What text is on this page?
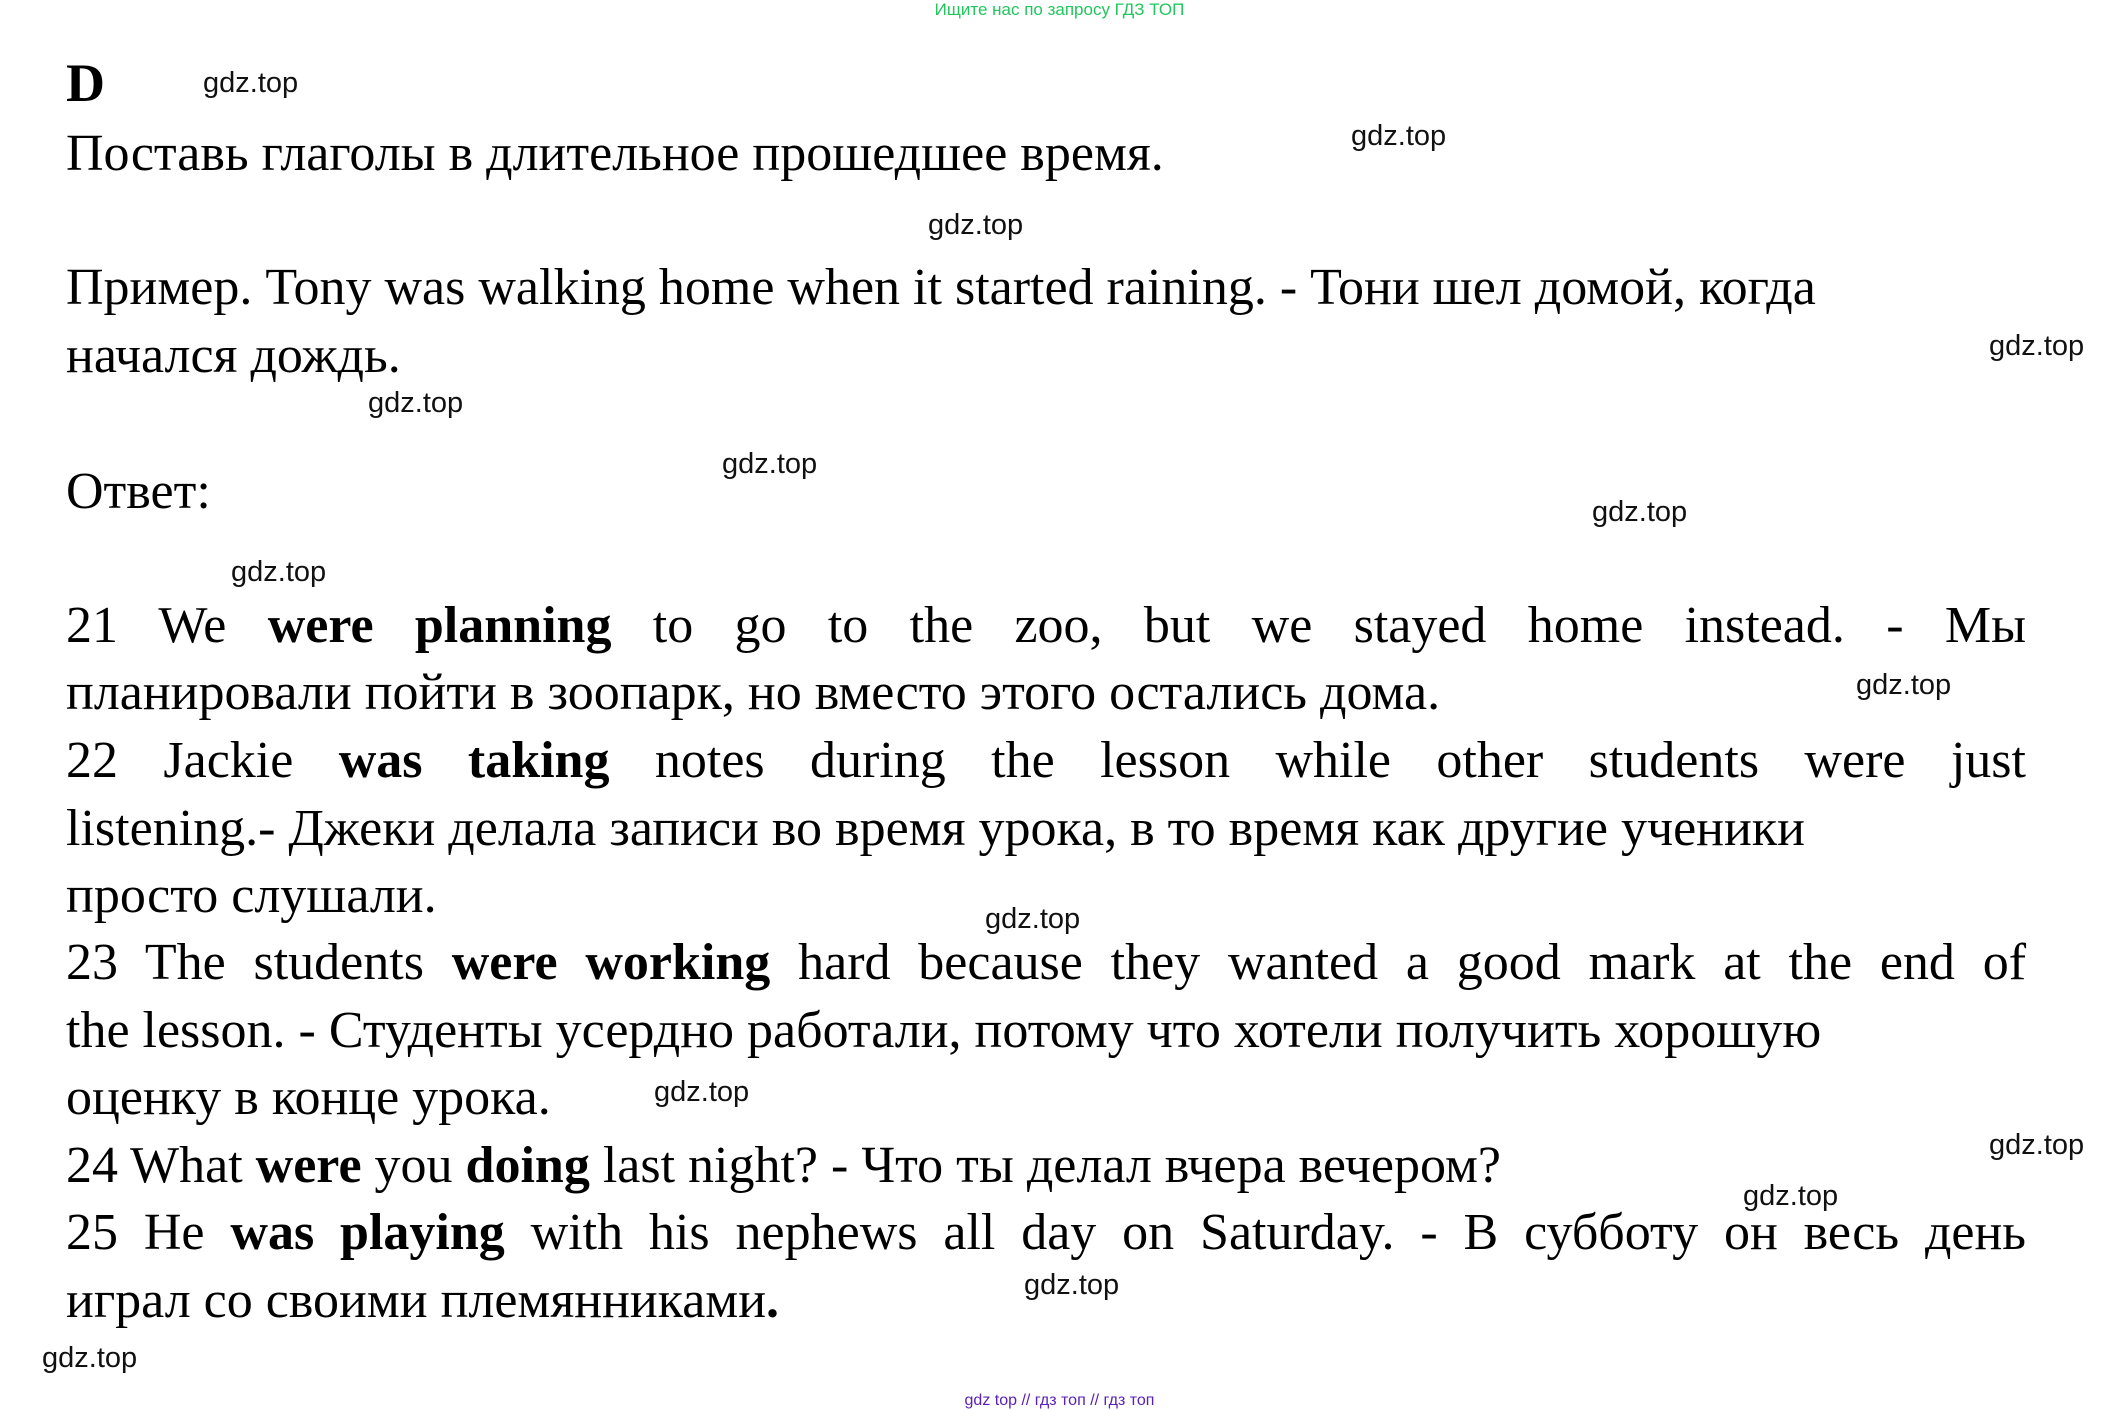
Ищите нас по запросу ГДЗ ТОП
D
Поставь глаголы в длительное прошедшее время.
Пример. Tony was walking home when it started raining. - Тони шел домой, когда
начался дождь.
Ответ:
21 We were planning to go to the zoo, but we stayed home instead. - Мы
планировали пойти в зоопарк, но вместо этого остались дома.
22 Jackie was taking notes during the lesson while other students were just
listening.- Джеки делала записи во время урока, в то время как другие ученики
просто слушали.
23 The students were working hard because they wanted a good mark at the end of
the lesson. - Студенты усердно работали, потому что хотели получить хорошую
оценку в конце урока.
24 What were you doing last night? - Что ты делал вчера вечером?
25 He was playing with his nephews all day on Saturday. - В субботу он весь день
играл со своими племянниками.
gdz.top
gdz.top
gdz.top
gdz.top
gdz.top
gdz.top
gdz.top
gdz.top
gdz.top
gdz.top
gdz.top
gdz.top
gdz.top
gdz.top
gdz.top
gdz top // гдз топ // гдз топ
